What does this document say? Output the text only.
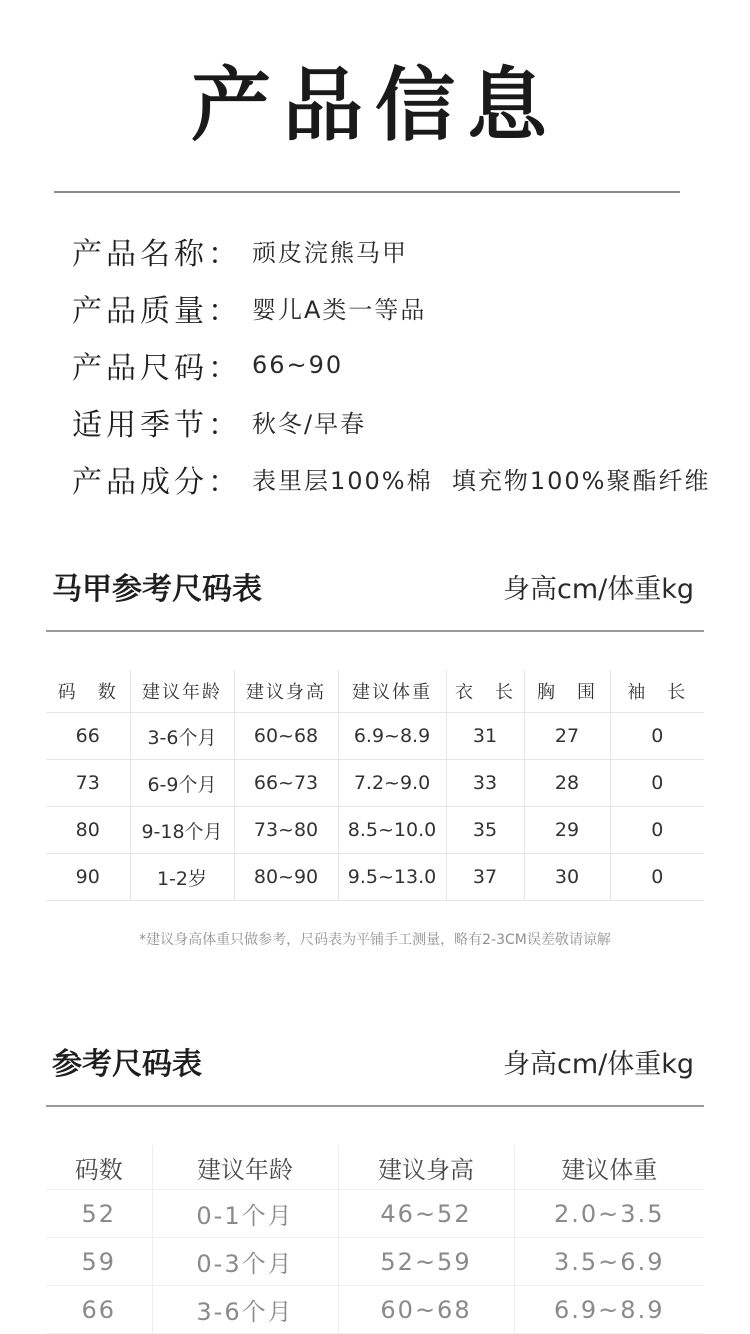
产品信息
产品名称： 顽皮浣熊马甲
产品质量： 婴儿A类一等品
产品尺码： 66~90
适用季节： 秋冬/早春
产品成分： 表里层100%棉  填充物100%聚酯纤维
马甲参考尺码表	身高cm/体重kg
码　数	建议年龄	建议身高	建议体重	衣　长	胸　围	袖　长
66	3-6个月	60~68	6.9~8.9	31	27	0
73	6-9个月	66~73	7.2~9.0	33	28	0
80	9-18个月	73~80	8.5~10.0	35	29	0
90	1-2岁	80~90	9.5~13.0	37	30	0
*建议身高体重只做参考，尺码表为平铺手工测量，略有2-3CM误差敬请谅解
参考尺码表	身高cm/体重kg
码数	建议年龄	建议身高	建议体重
52	0-1个月	46~52	2.0~3.5
59	0-3个月	52~59	3.5~6.9
66	3-6个月	60~68	6.9~8.9
